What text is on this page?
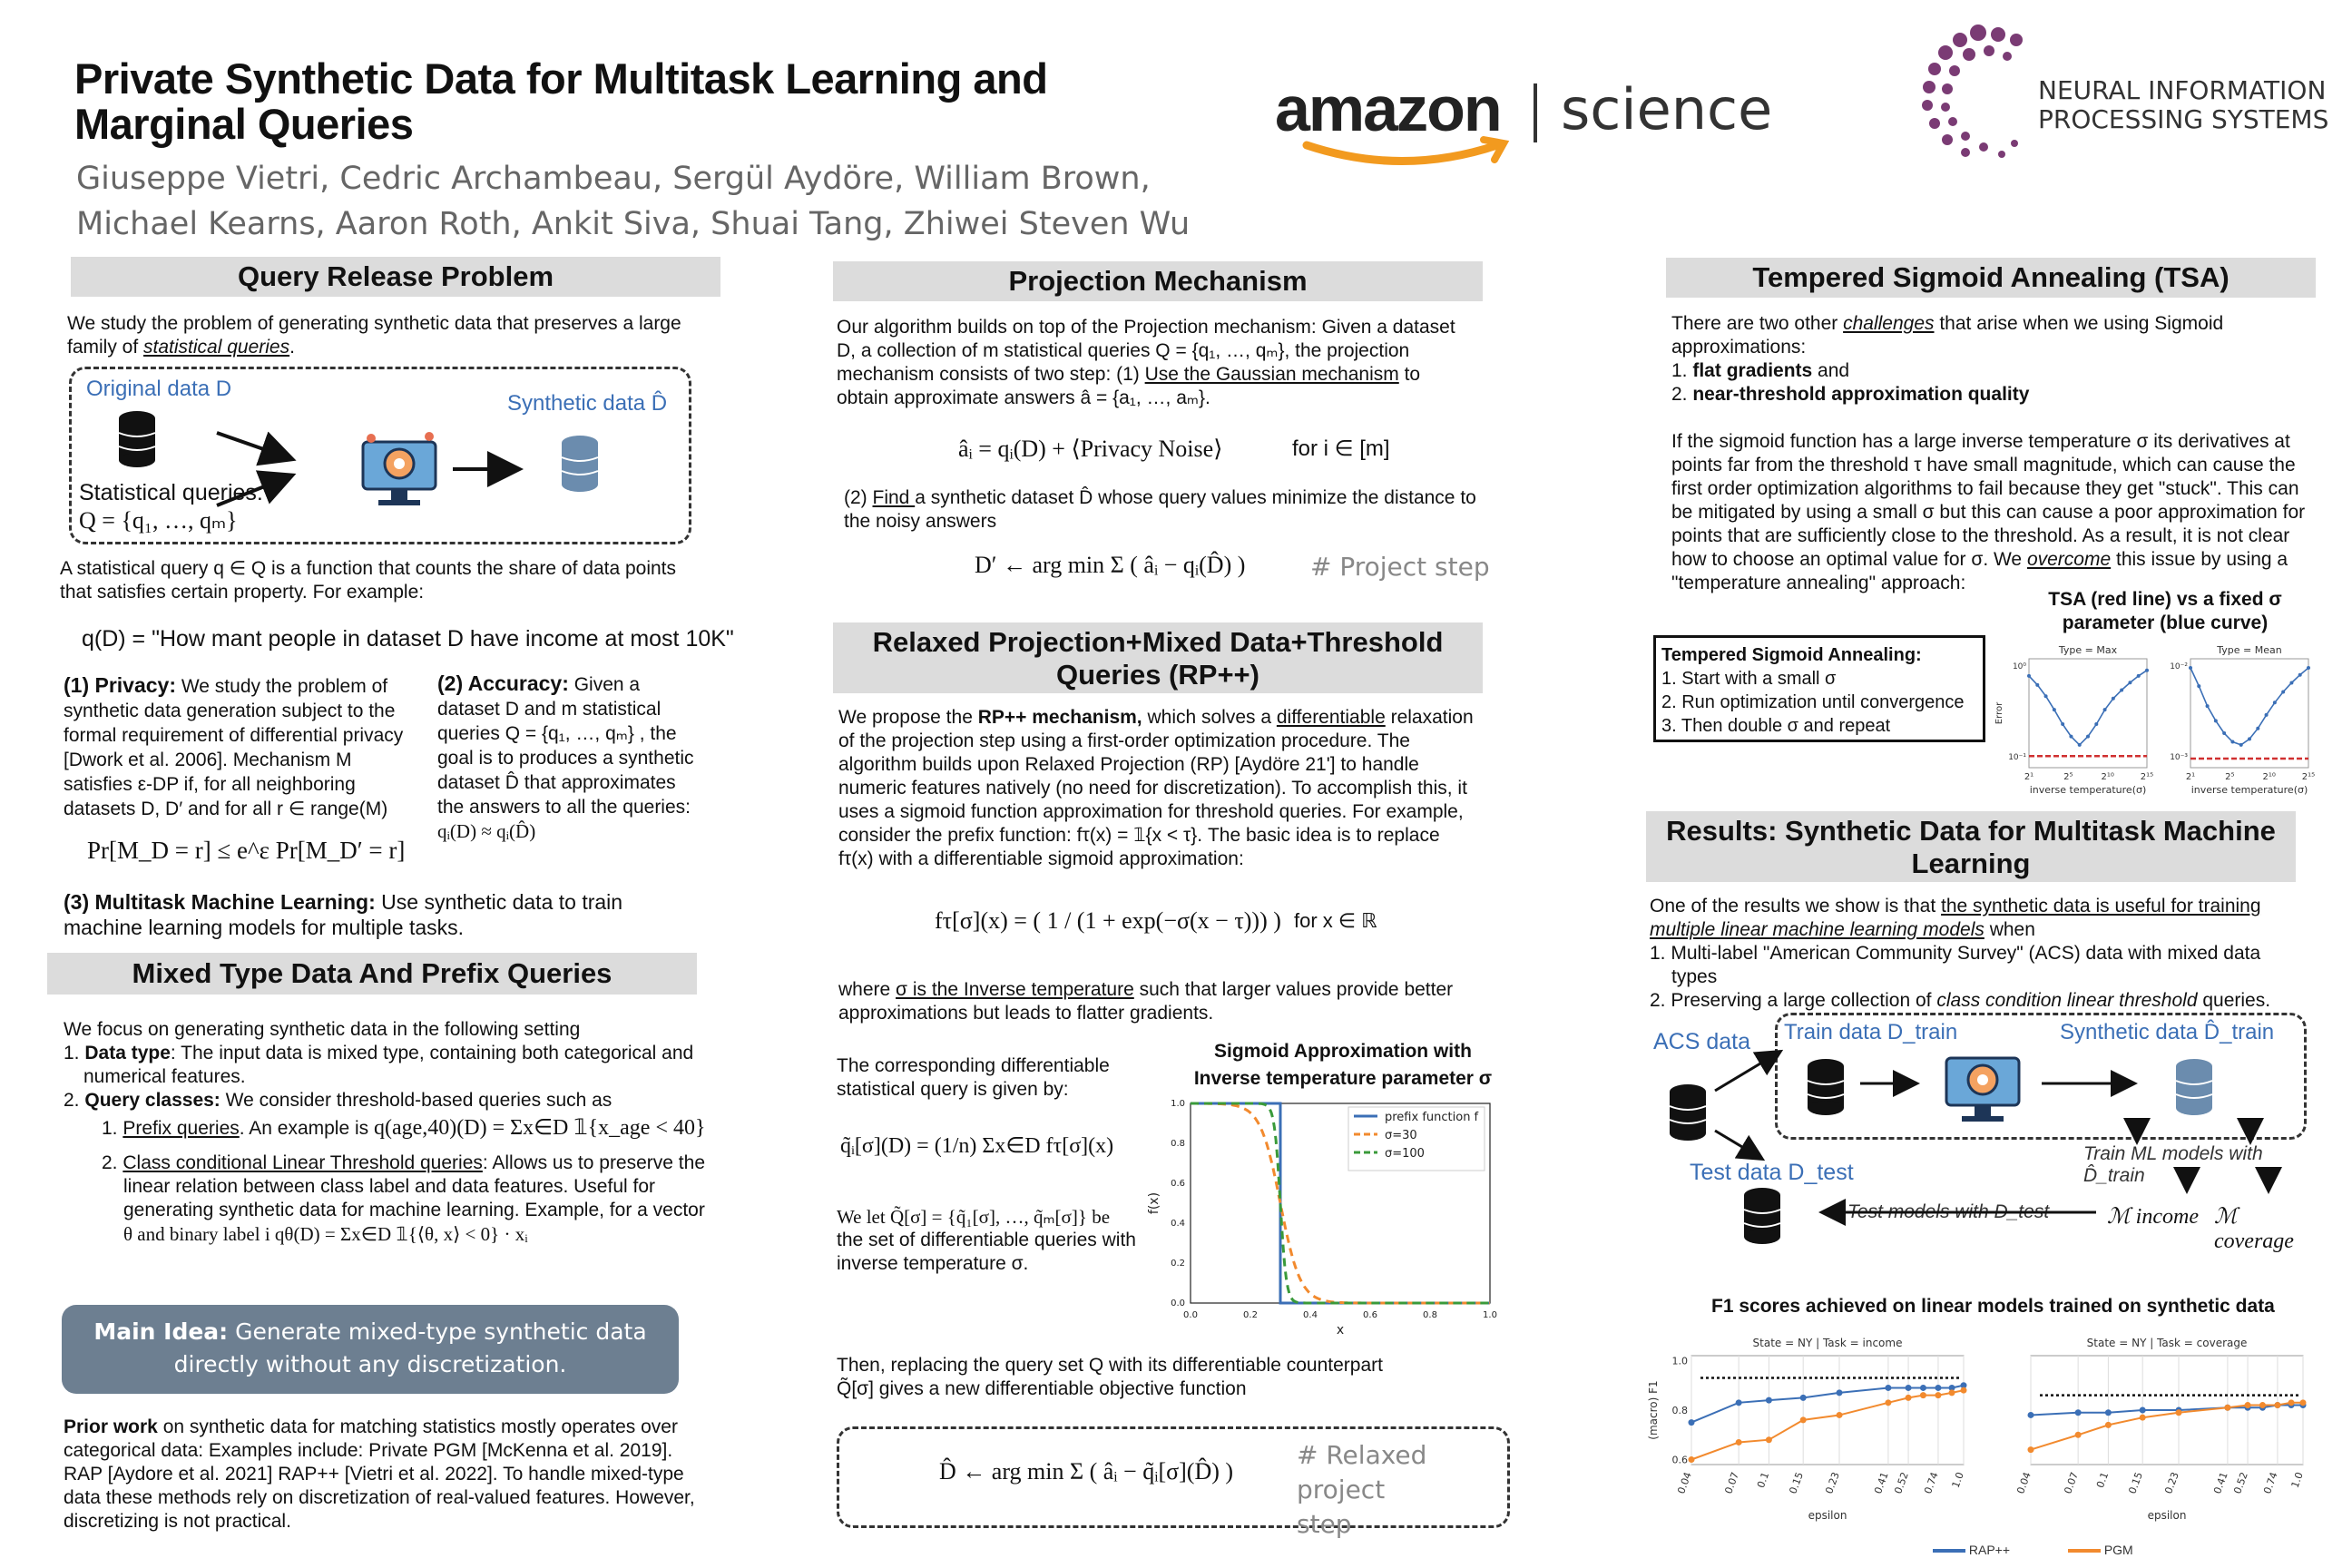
Private Synthetic Data for Multitask Learning and
Marginal Queries
Giuseppe Vietri, Cedric Archambeau, Sergül Aydöre, William Brown,
Michael Kearns, Aaron Roth, Ankit Siva, Shuai Tang, Zhiwei Steven Wu
amazon science	NEURAL INFORMATION
PROCESSING SYSTEMS
Query Release Problem
We study the problem of generating synthetic data that preserves a large
family of statistical queries.
Original data D
Synthetic data D̂
Statistical queries:
Q = {q₁, …, qₘ}
A statistical query q ∈ Q is a function that counts the share of data points
that satisfies certain property. For example:
q(D) = "How mant people in dataset D have income at most 10K"
(1) Privacy: We study the problem of
synthetic data generation subject to the
formal requirement of differential privacy
[Dwork et al. 2006]. Mechanism M
satisfies ε-DP if, for all neighboring
datasets D, D′ and for all r ∈ range(M)
Pr[M_D = r] ≤ e^ε Pr[M_D′ = r]
(2) Accuracy: Given a
dataset D and m statistical
queries Q = {q₁, …, qₘ} , the
goal is to produces a synthetic
dataset D̂ that approximates
the answers to all the queries:
qᵢ(D) ≈ qᵢ(D̂)
(3) Multitask Machine Learning: Use synthetic data to train
machine learning models for multiple tasks.
Mixed Type Data And Prefix Queries
We focus on generating synthetic data in the following setting
1. Data type: The input data is mixed type, containing both categorical and
numerical features.
2. Query classes: We consider threshold-based queries such as
1. Prefix queries. An example is q(age,40)(D) = Σx∈D 𝟙{x_age < 40}
2. Class conditional Linear Threshold queries: Allows us to preserve the
linear relation between class label and data features. Useful for
generating synthetic data for machine learning. Example, for a vector
θ and binary label i qθ(D) = Σx∈D 𝟙{⟨θ, x⟩ < 0} · xᵢ
Main Idea: Generate mixed-type synthetic data
directly without any discretization.
Prior work on synthetic data for matching statistics mostly operates over
categorical data: Examples include: Private PGM [McKenna et al. 2019].
RAP [Aydore et al. 2021] RAP++ [Vietri et al. 2022]. To handle mixed-type
data these methods rely on discretization of real-valued features. However,
discretizing is not practical.
Projection Mechanism
Our algorithm builds on top of the Projection mechanism: Given a dataset
D, a collection of m statistical queries Q = {q₁, …, qₘ}, the projection
mechanism consists of two step: (1) Use the Gaussian mechanism to
obtain approximate answers â = {a₁, …, aₘ}.
âᵢ = qᵢ(D) + ⟨Privacy Noise⟩	for i ∈ [m]
(2) Find a synthetic dataset D̂ whose query values minimize the distance to
the noisy answers
D′ ← arg min Σ ( âᵢ − qᵢ(D̂) )	# Project step
Relaxed Projection+Mixed Data+Threshold
Queries (RP++)
We propose the RP++ mechanism, which solves a differentiable relaxation
of the projection step using a first-order optimization procedure. The
algorithm builds upon Relaxed Projection (RP) [Aydöre 21'] to handle
numeric features natively (no need for discretization). To accomplish this, it
uses a sigmoid function approximation for threshold queries. For example,
consider the prefix function: fτ(x) = 𝟙{x < τ}. The basic idea is to replace
fτ(x) with a differentiable sigmoid approximation:
fτ[σ](x) = ( 1 / (1 + exp(−σ(x − τ))) ) for x ∈ ℝ
where σ is the Inverse temperature such that larger values provide better
approximations but leads to flatter gradients.
The corresponding differentiable
statistical query is given by:
q̃ᵢ[σ](D) = (1/n) Σx∈D fτ[σ](x)
We let Q̃[σ] = {q̃₁[σ], …, q̃ₘ[σ]} be
the set of differentiable queries with
inverse temperature σ.
Sigmoid Approximation with Inverse temperature parameter σ
0.0	0.2	0.4	0.6	0.8	1.0
0.0
0.2
0.4
0.6
0.8
1.0
x
f(x)
prefix function f
σ=30
σ=100
Then, replacing the query set Q with its differentiable counterpart
Q̃[σ] gives a new differentiable objective function
D̂ ← arg min Σ ( âᵢ − q̃ᵢ[σ](D̂) )
# Relaxed project
step
Tempered Sigmoid Annealing (TSA)
There are two other challenges that arise when we using Sigmoid
approximations:
1. flat gradients and
2. near-threshold approximation quality
If the sigmoid function has a large inverse temperature σ its derivatives at
points far from the threshold τ have small magnitude, which can cause the
first order optimization algorithms to fail because they get "stuck". This can
be mitigated by using a small σ but this can cause a poor approximation for
points that are sufficiently close to the threshold. As a result, it is not clear
how to choose an optimal value for σ. We overcome this issue by using a
"temperature annealing" approach:
TSA (red line) vs a fixed σ
parameter (blue curve)
Tempered Sigmoid Annealing:
1. Start with a small σ
2. Run optimization until convergence
3. Then double σ and repeat
Type = Max
2¹	2⁵	2¹⁰	2¹⁵
10⁰
10⁻¹
inverse temperature(σ)
Error
Type = Mean
2¹	2⁵	2¹⁰	2¹⁵
10⁻²
10⁻³
inverse temperature(σ)
Results: Synthetic Data for Multitask Machine
Learning
One of the results we show is that the synthetic data is useful for training
multiple linear machine learning models when
1. Multi-label "American Community Survey" (ACS) data with mixed data
types
2. Preserving a large collection of class condition linear threshold queries.
ACS data Train data D_train	Synthetic data D̂_train
Train ML models with D̂_train
Test data D_test
Test models with D_test	ℳ income ℳ coverage
F1 scores achieved on linear models trained on synthetic data
State = NY | Task = income
0.04	0.07 0.1 0.15 0.23	0.41 0.52 0.74 1.0
0.6
0.8
1.0
epsilon
(macro) F1
State = NY | Task = coverage
0.04	0.07 0.1 0.15 0.23	0.41 0.52 0.74 1.0
epsilon
RAP++	PGM
